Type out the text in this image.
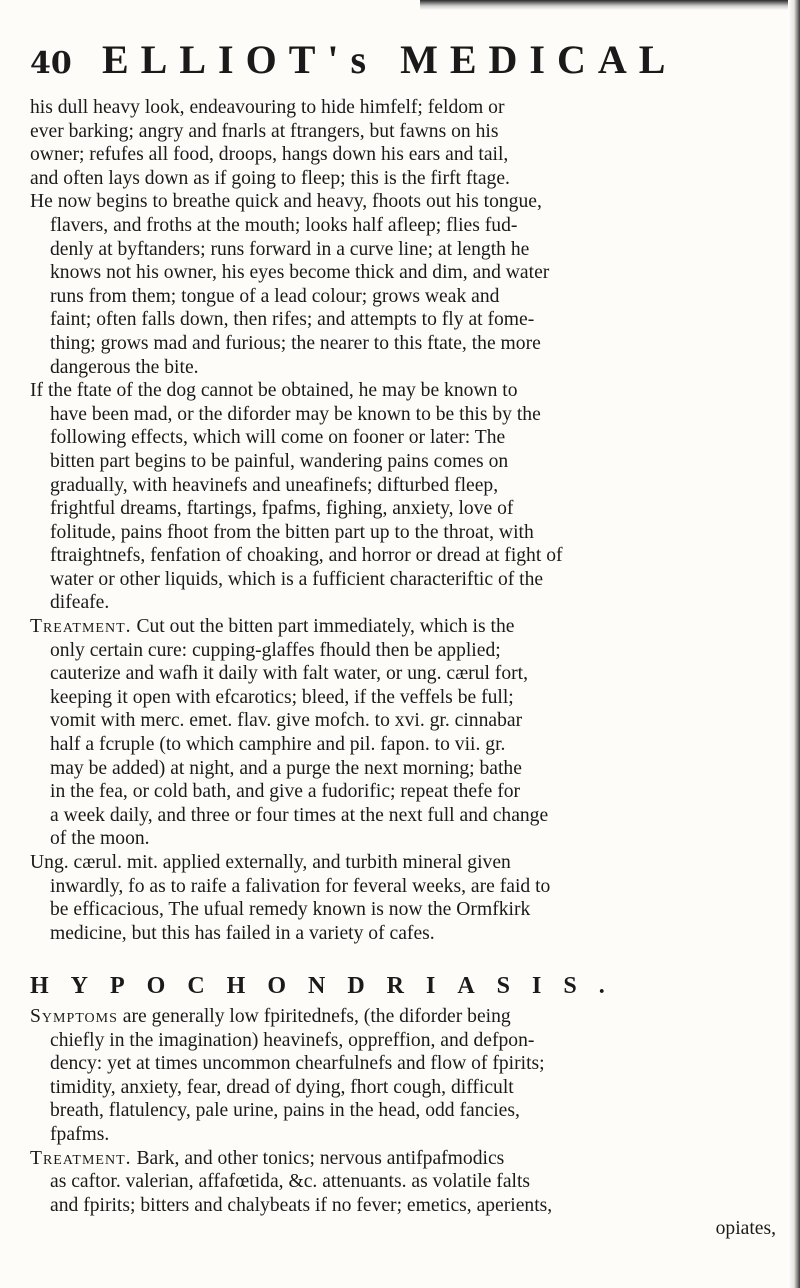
40 ELLIOT's MEDICAL
his dull heavy look, endeavouring to hide himfelf; feldom or
ever barking; angry and fnarls at ftrangers, but fawns on his
owner; refufes all food, droops, hangs down his ears and tail,
and often lays down as if going to fleep; this is the firft ftage.
He now begins to breathe quick and heavy, fhoots out his tongue,
flavers, and froths at the mouth; looks half afleep; flies fud-
denly at byftanders; runs forward in a curve line; at length he
knows not his owner, his eyes become thick and dim, and water
runs from them; tongue of a lead colour; grows weak and
faint; often falls down, then rifes; and attempts to fly at fome-
thing; grows mad and furious; the nearer to this ftate, the more
dangerous the bite.
If the ftate of the dog cannot be obtained, he may be known to
have been mad, or the diforder may be known to be this by the
following effects, which will come on fooner or later: The
bitten part begins to be painful, wandering pains comes on
gradually, with heavinefs and uneafinefs; difturbed fleep,
frightful dreams, ftartings, fpafms, fighing, anxiety, love of
folitude, pains fhoot from the bitten part up to the throat, with
ftraightnefs, fenfation of choaking, and horror or dread at fight of
water or other liquids, which is a fufficient characteriftic of the
difeafe.
Treatment. Cut out the bitten part immediately, which is the
only certain cure: cupping-glaffes fhould then be applied;
cauterize and wafh it daily with falt water, or ung. cærul fort,
keeping it open with efcarotics; bleed, if the veffels be full;
vomit with merc. emet. flav. give mofch. to xvi. gr. cinnabar
half a fcruple (to which camphire and pil. fapon. to vii. gr.
may be added) at night, and a purge the next morning; bathe
in the fea, or cold bath, and give a fudorific; repeat thefe for
a week daily, and three or four times at the next full and change
of the moon.
Ung. cærul. mit. applied externally, and turbith mineral given
inwardly, fo as to raife a falivation for feveral weeks, are faid to
be efficacious, The ufual remedy known is now the Ormfkirk
medicine, but this has failed in a variety of cafes.
HYPOCHONDRIASIS.
Symptoms are generally low fpiritednefs, (the diforder being
chiefly in the imagination) heavinefs, oppreffion, and defpon-
dency: yet at times uncommon chearfulnefs and flow of fpirits;
timidity, anxiety, fear, dread of dying, fhort cough, difficult
breath, flatulency, pale urine, pains in the head, odd fancies,
fpafms.
Treatment. Bark, and other tonics; nervous antifpafmodics
as caftor. valerian, affafœtida, &c. attenuants. as volatile falts
and fpirits; bitters and chalybeats if no fever; emetics, aperients,
opiates,
